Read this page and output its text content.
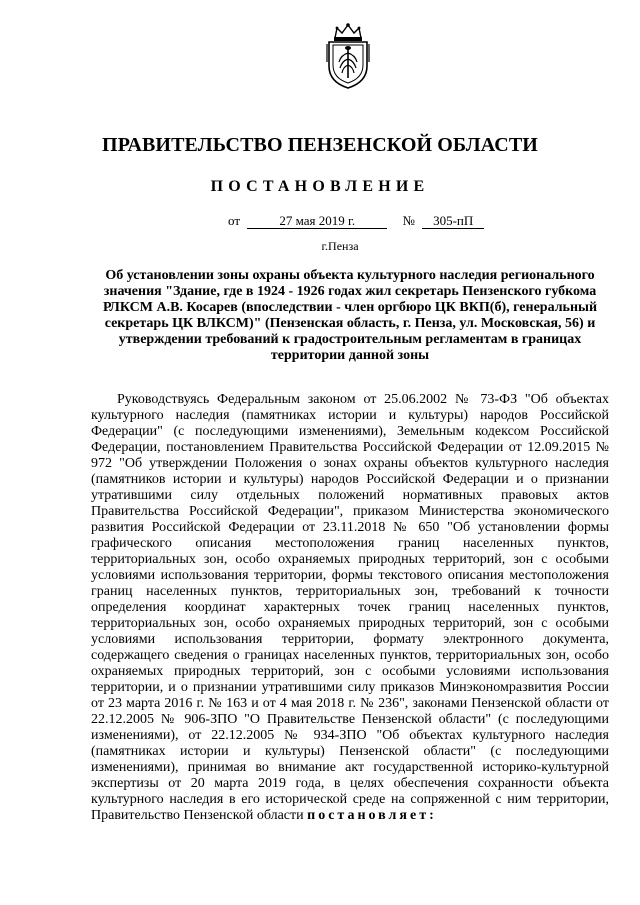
ПРАВИТЕЛЬСТВО ПЕНЗЕНСКОЙ ОБЛАСТИ
ПОСТАНОВЛЕНИЕ
от	27 мая 2019 г.	№ 305-пП
г.Пенза
Об установлении зоны охраны объекта культурного наследия регионального значения "Здание, где в 1924 - 1926 годах жил секретарь Пензенского губкома РЛКСМ А.В. Косарев (впоследствии - член оргбюро ЦК ВКП(б), генеральный секретарь ЦК ВЛКСМ)" (Пензенская область, г. Пенза, ул. Московская, 56) и утверждении требований к градостроительным регламентам в границах территории данной зоны
Руководствуясь Федеральным законом от 25.06.2002 № 73-ФЗ "Об объектах культурного наследия (памятниках истории и культуры) народов Российской Федерации" (с последующими изменениями), Земельным кодексом Российской Федерации, постановлением Правительства Российской Федерации от 12.09.2015 № 972 "Об утверждении Положения о зонах охраны объектов культурного наследия (памятников истории и культуры) народов Российской Федерации и о признании утратившими силу отдельных положений нормативных правовых актов Правительства Российской Федерации", приказом Министерства экономического развития Российской Федерации от 23.11.2018 № 650 "Об установлении формы графического описания местоположения границ населенных пунктов, территориальных зон, особо охраняемых природных территорий, зон с особыми условиями использования территории, формы текстового описания местоположения границ населенных пунктов, территориальных зон, требований к точности определения координат характерных точек границ населенных пунктов, территориальных зон, особо охраняемых природных территорий, зон с особыми условиями использования территории, формату электронного документа, содержащего сведения о границах населенных пунктов, территориальных зон, особо охраняемых природных территорий, зон с особыми условиями использования территории, и о признании утратившими силу приказов Минэкономразвития России от 23 марта 2016 г. № 163 и от 4 мая 2018 г. № 236", законами Пензенской области от 22.12.2005 № 906-ЗПО "О Правительстве Пензенской области" (с последующими изменениями), от 22.12.2005 № 934-ЗПО "Об объектах культурного наследия (памятниках истории и культуры) Пензенской области" (с последующими изменениями), принимая во внимание акт государственной историко-культурной экспертизы от 20 марта 2019 года, в целях обеспечения сохранности объекта культурного наследия в его исторической среде на сопряженной с ним территории, Правительство Пензенской области постановляет:
